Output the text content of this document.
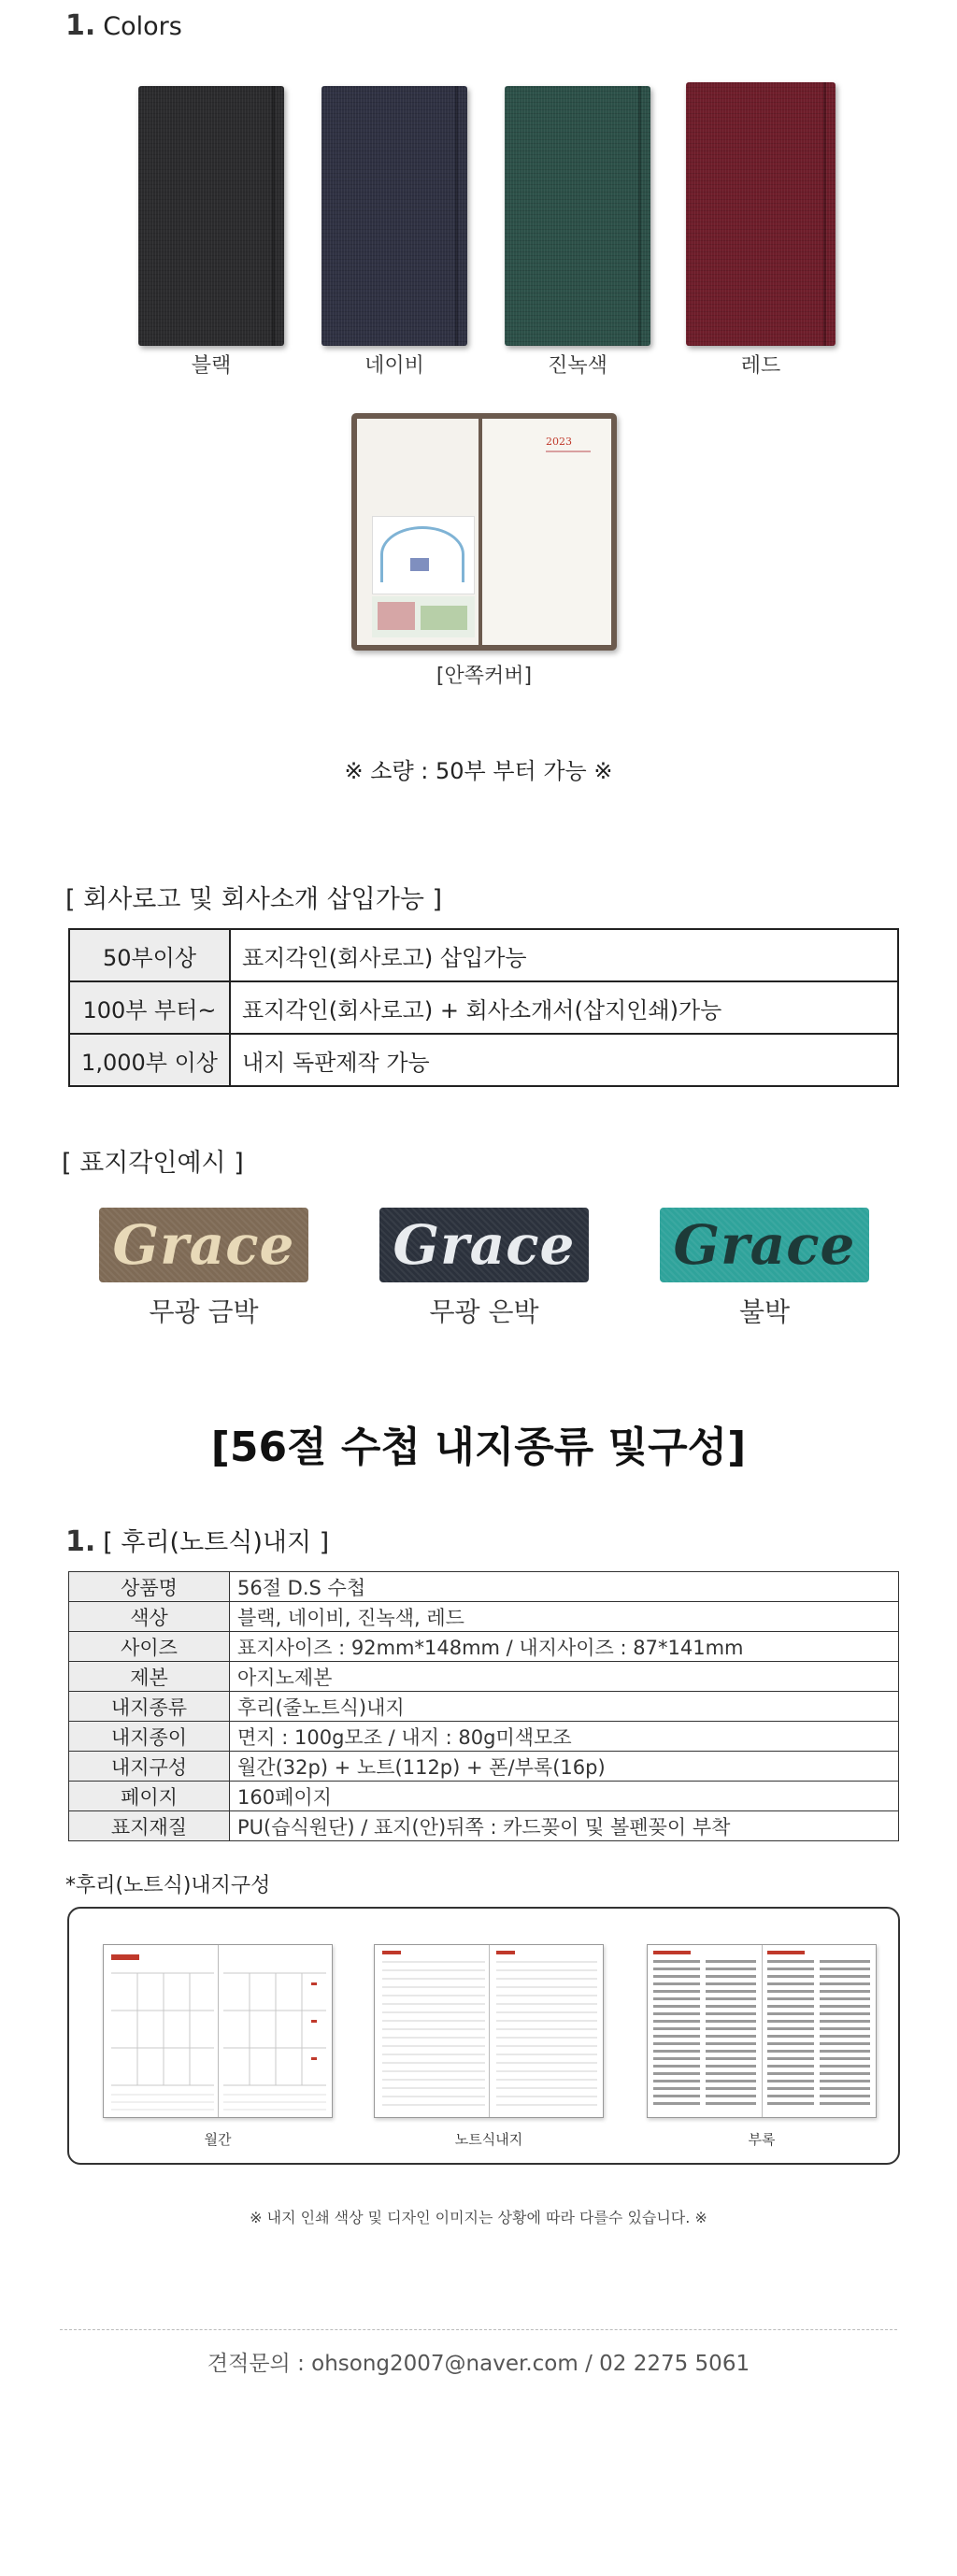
1. Colors
블랙	네이비	진녹색	레드
2023
[안쪽커버]
※ 소량 : 50부 부터 가능 ※
[ 회사로고 및 회사소개 삽입가능 ]
50부이상	표지각인(회사로고) 삽입가능
100부 부터~	표지각인(회사로고) + 회사소개서(삽지인쇄)가능
1,000부 이상	내지 독판제작 가능
[ 표지각인예시 ]
Grace Grace Grace
무광 금박	무광 은박	불박
[56절 수첩 내지종류 및구성]
1. [ 후리(노트식)내지 ]
상품명	56절 D.S 수첩
색상	블랙, 네이비, 진녹색, 레드
사이즈	표지사이즈 : 92mm*148mm / 내지사이즈 : 87*141mm
제본	아지노제본
내지종류	후리(줄노트식)내지
내지종이	면지 : 100g모조 / 내지 : 80g미색모조
내지구성	월간(32p) + 노트(112p) + 폰/부록(16p)
페이지	160페이지
표지재질	PU(습식원단) / 표지(안)뒤쪽 : 카드꽂이 및 볼펜꽂이 부착
*후리(노트식)내지구성
월간	노트식내지	부록
※ 내지 인쇄 색상 및 디자인 이미지는 상황에 따라 다를수 있습니다. ※
견적문의 : ohsong2007@naver.com / 02 2275 5061
